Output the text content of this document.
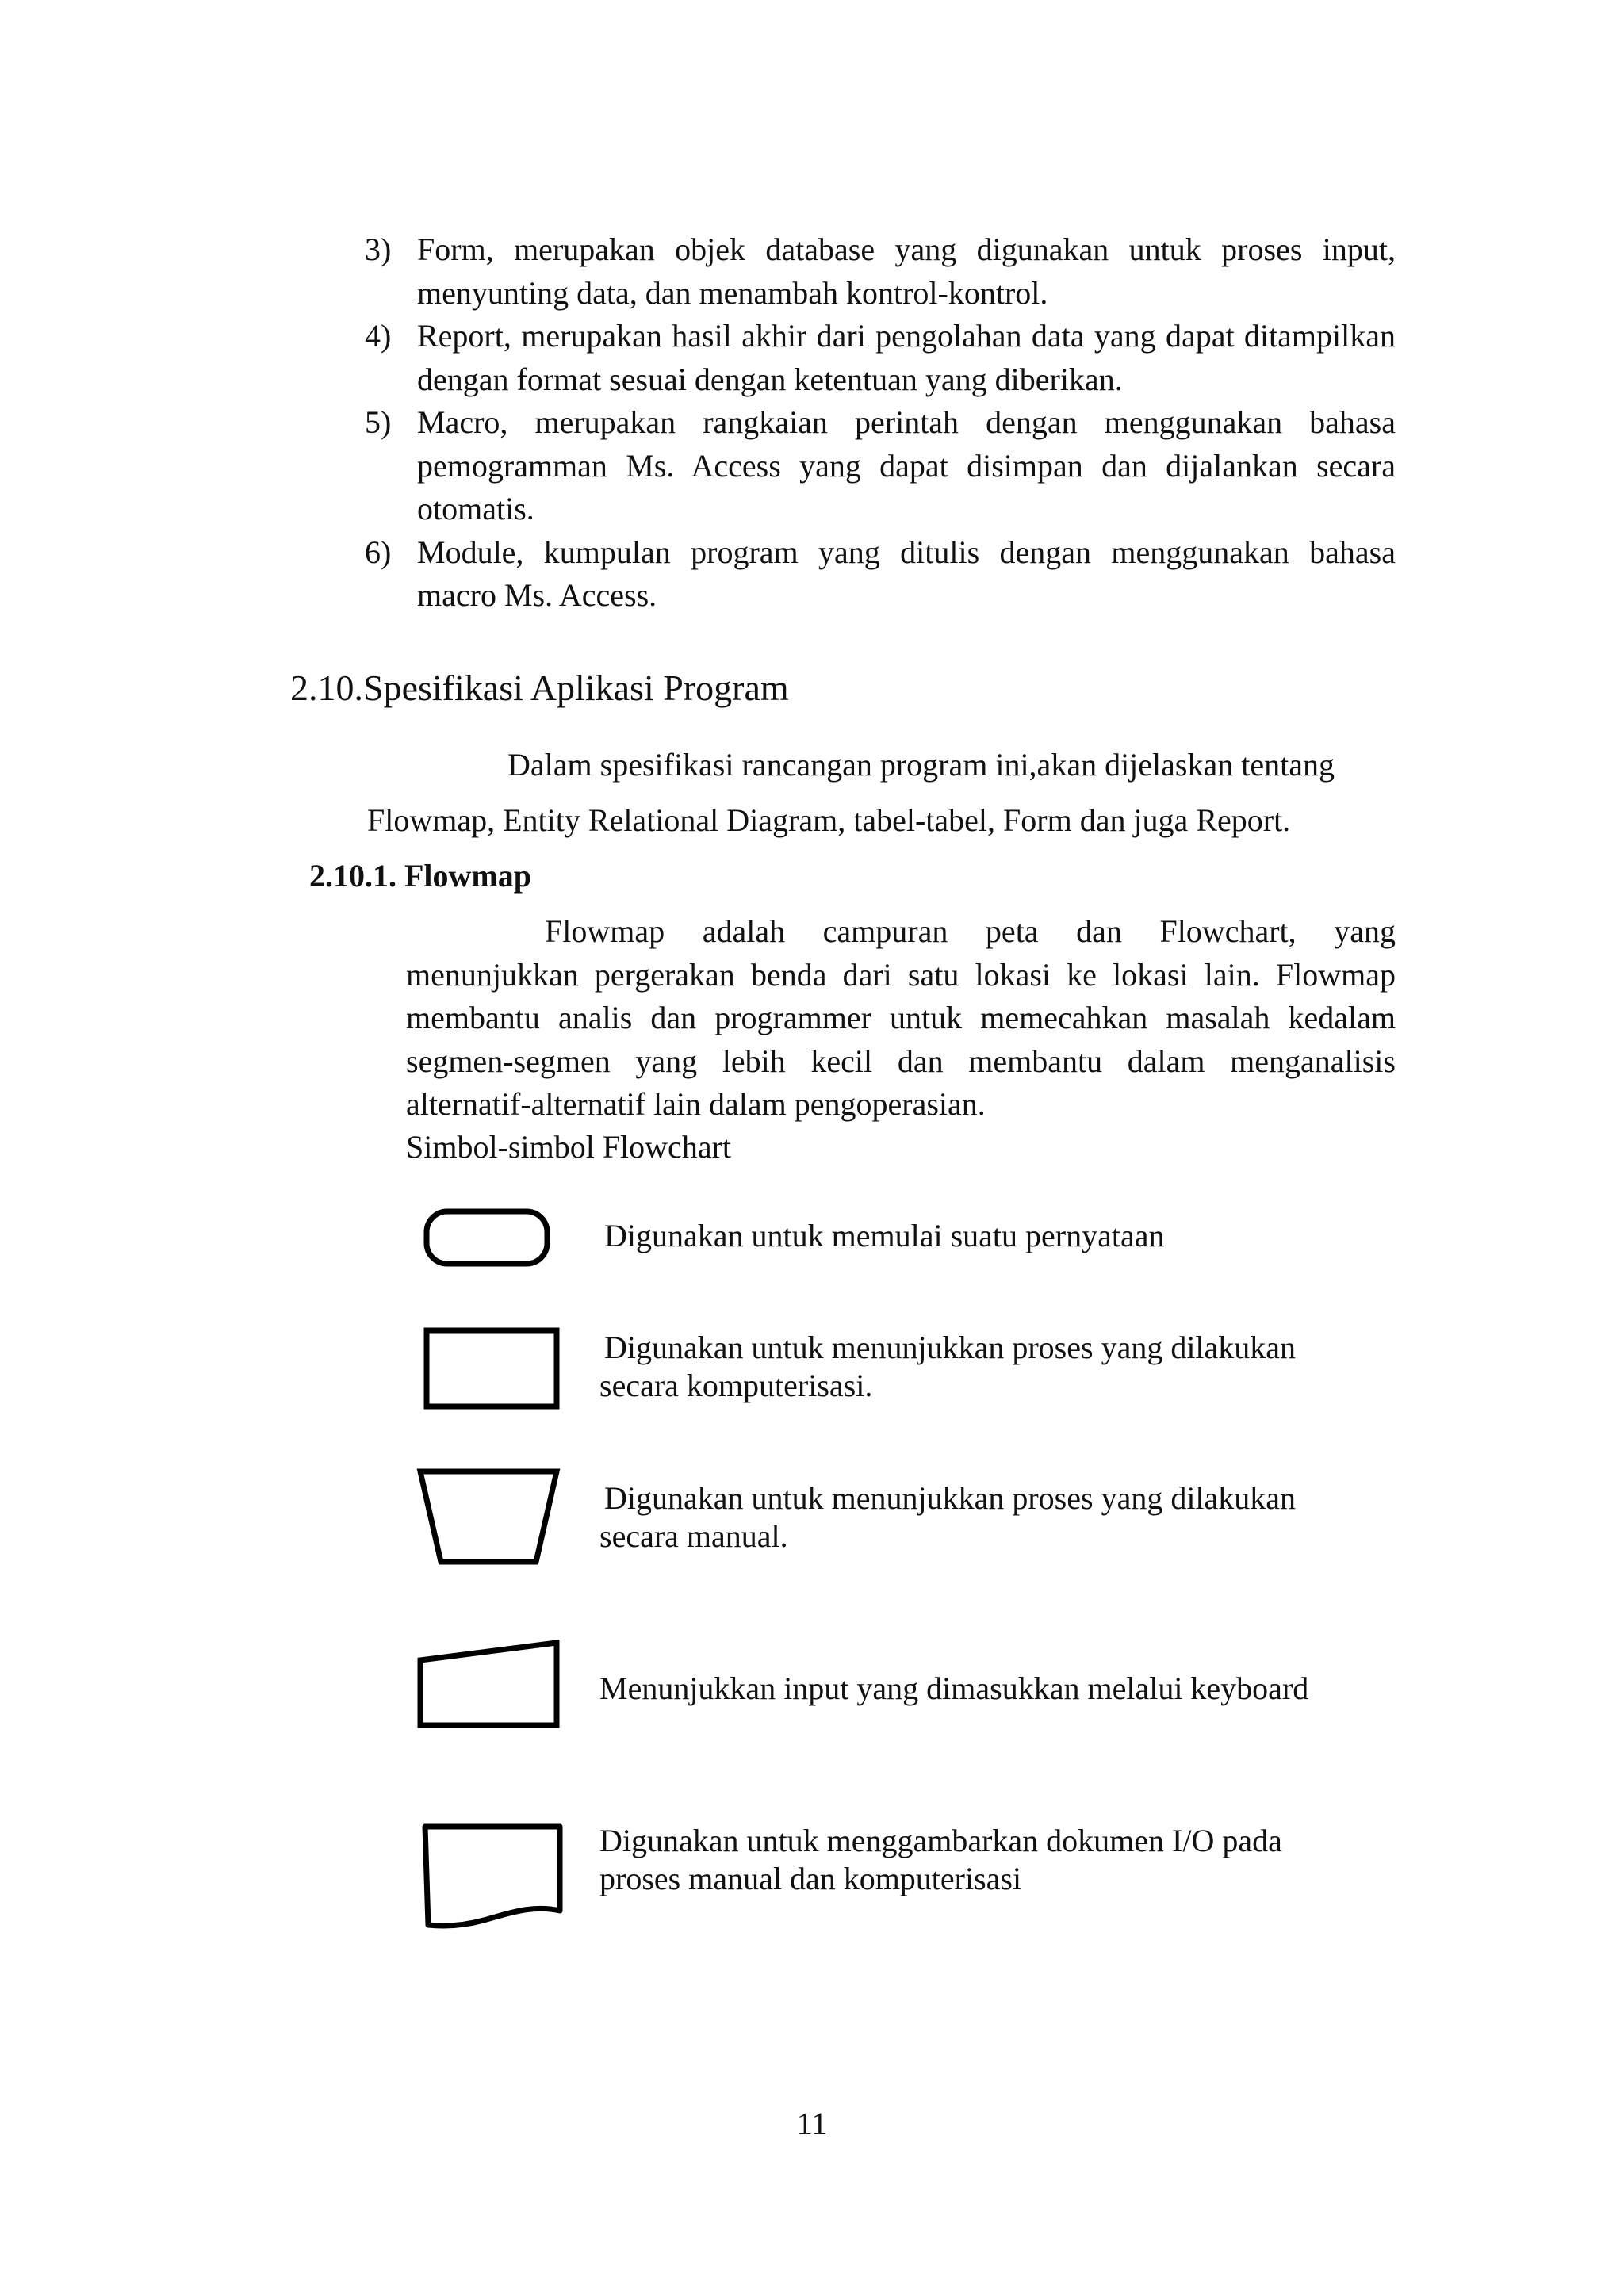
3) Form, merupakan objek database yang digunakan untuk proses input, menyunting data, dan menambah kontrol-kontrol.
4) Report, merupakan hasil akhir dari pengolahan data yang dapat ditampilkan dengan format sesuai dengan ketentuan yang diberikan.
5) Macro, merupakan rangkaian perintah dengan menggunakan bahasa pemogramman Ms. Access yang dapat disimpan dan dijalankan secara otomatis.
6) Module, kumpulan program yang ditulis dengan menggunakan bahasa macro Ms. Access.
2.10.Spesifikasi Aplikasi Program
Dalam spesifikasi rancangan program ini,akan dijelaskan tentang
Flowmap, Entity Relational Diagram, tabel-tabel, Form dan juga Report.
2.10.1. Flowmap
Flowmap adalah campuran peta dan Flowchart, yang menunjukkan pergerakan benda dari satu lokasi ke lokasi lain. Flowmap membantu analis dan programmer untuk memecahkan masalah kedalam segmen-segmen yang lebih kecil dan membantu dalam menganalisis alternatif-alternatif lain dalam pengoperasian.
Simbol-simbol Flowchart
Digunakan untuk memulai suatu pernyataan
Digunakan untuk menunjukkan proses yang dilakukan
secara komputerisasi.
Digunakan untuk menunjukkan proses yang dilakukan
secara manual.
Menunjukkan input yang dimasukkan melalui keyboard
Digunakan untuk menggambarkan dokumen I/O pada
proses manual dan komputerisasi
11
